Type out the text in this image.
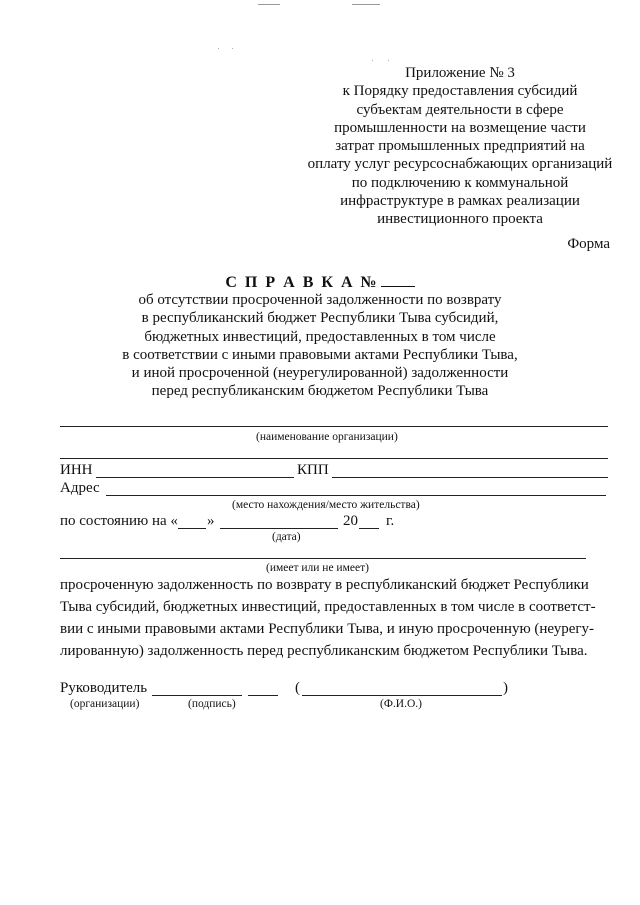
Приложение № 3
к Порядку предоставления субсидий
субъектам деятельности в сфере
промышленности на возмещение части
затрат промышленных предприятий на
оплату услуг ресурсоснабжающих организаций
по подключению к коммунальной
инфраструктуре в рамках реализации
инвестиционного проекта
Форма
С П Р А В К А №
об отсутствии просроченной задолженности по возврату
в республиканский бюджет Республики Тыва субсидий,
бюджетных инвестиций, предоставленных в том числе
в соответствии с иными правовыми актами Республики Тыва,
и иной просроченной (неурегулированной) задолженности
перед республиканским бюджетом Республики Тыва
(наименование организации)
ИНН	КПП
Адрес
(место нахождения/место жительства)
по состоянию на « »	20 г.
(дата)
(имеет или не имеет)
просроченную задолженность по возврату в республиканский бюджет Республики
Тыва субсидий, бюджетных инвестиций, предоставленных в том числе в соответст-
вии с иными правовыми актами Республики Тыва, и иную просроченную (неурегу-
лированную) задолженность перед республиканским бюджетом Республики Тыва.
Руководитель	(	)
(организации)	(подпись)	(Ф.И.О.)
